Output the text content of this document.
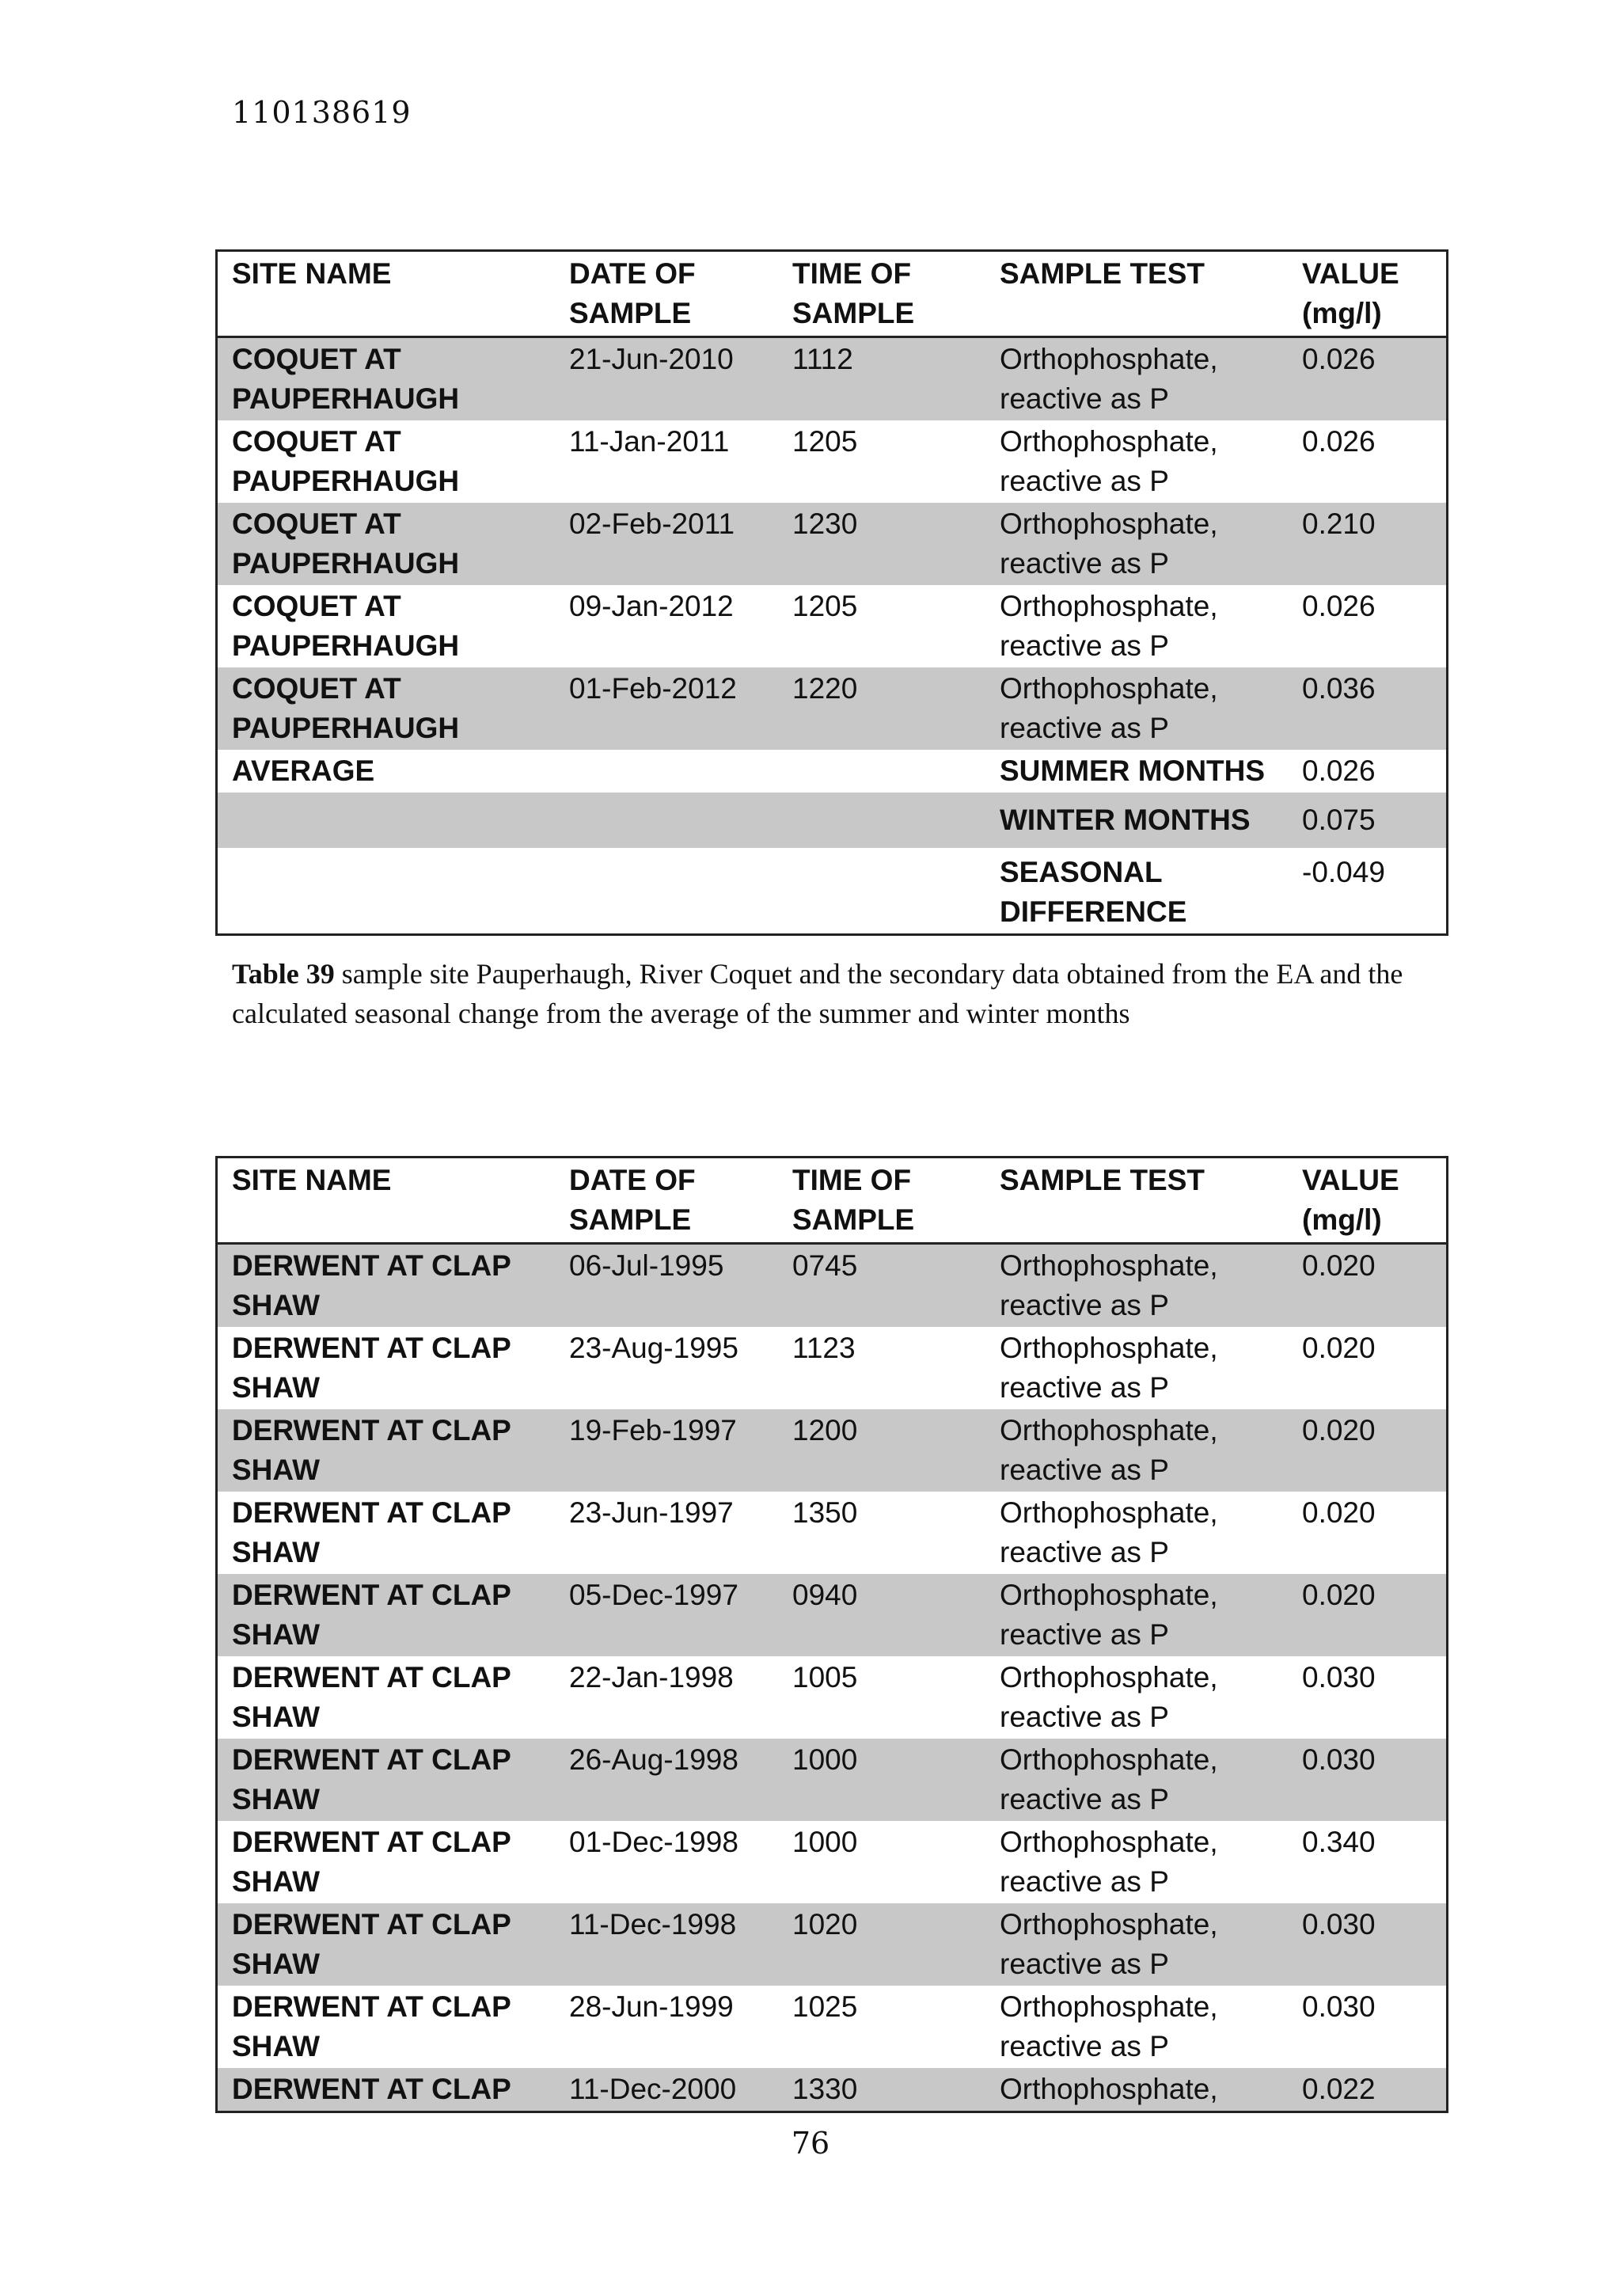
110138619
SITE NAME	DATE OF SAMPLE	TIME OF SAMPLE	SAMPLE TEST	VALUE (mg/l)
COQUET AT PAUPERHAUGH	21-Jun-2010	1112	Orthophosphate, reactive as P	0.026
COQUET AT PAUPERHAUGH	11-Jan-2011	1205	Orthophosphate, reactive as P	0.026
COQUET AT PAUPERHAUGH	02-Feb-2011	1230	Orthophosphate, reactive as P	0.210
COQUET AT PAUPERHAUGH	09-Jan-2012	1205	Orthophosphate, reactive as P	0.026
COQUET AT PAUPERHAUGH	01-Feb-2012	1220	Orthophosphate, reactive as P	0.036
AVERAGE			SUMMER MONTHS	0.026
			WINTER MONTHS	0.075
			SEASONAL DIFFERENCE	-0.049
Table 39 sample site Pauperhaugh, River Coquet and the secondary data obtained from the EA and the calculated seasonal change from the average of the summer and winter months
SITE NAME	DATE OF SAMPLE	TIME OF SAMPLE	SAMPLE TEST	VALUE (mg/l)
DERWENT AT CLAP SHAW	06-Jul-1995	0745	Orthophosphate, reactive as P	0.020
DERWENT AT CLAP SHAW	23-Aug-1995	1123	Orthophosphate, reactive as P	0.020
DERWENT AT CLAP SHAW	19-Feb-1997	1200	Orthophosphate, reactive as P	0.020
DERWENT AT CLAP SHAW	23-Jun-1997	1350	Orthophosphate, reactive as P	0.020
DERWENT AT CLAP SHAW	05-Dec-1997	0940	Orthophosphate, reactive as P	0.020
DERWENT AT CLAP SHAW	22-Jan-1998	1005	Orthophosphate, reactive as P	0.030
DERWENT AT CLAP SHAW	26-Aug-1998	1000	Orthophosphate, reactive as P	0.030
DERWENT AT CLAP SHAW	01-Dec-1998	1000	Orthophosphate, reactive as P	0.340
DERWENT AT CLAP SHAW	11-Dec-1998	1020	Orthophosphate, reactive as P	0.030
DERWENT AT CLAP SHAW	28-Jun-1999	1025	Orthophosphate, reactive as P	0.030
DERWENT AT CLAP	11-Dec-2000	1330	Orthophosphate,	0.022
76
